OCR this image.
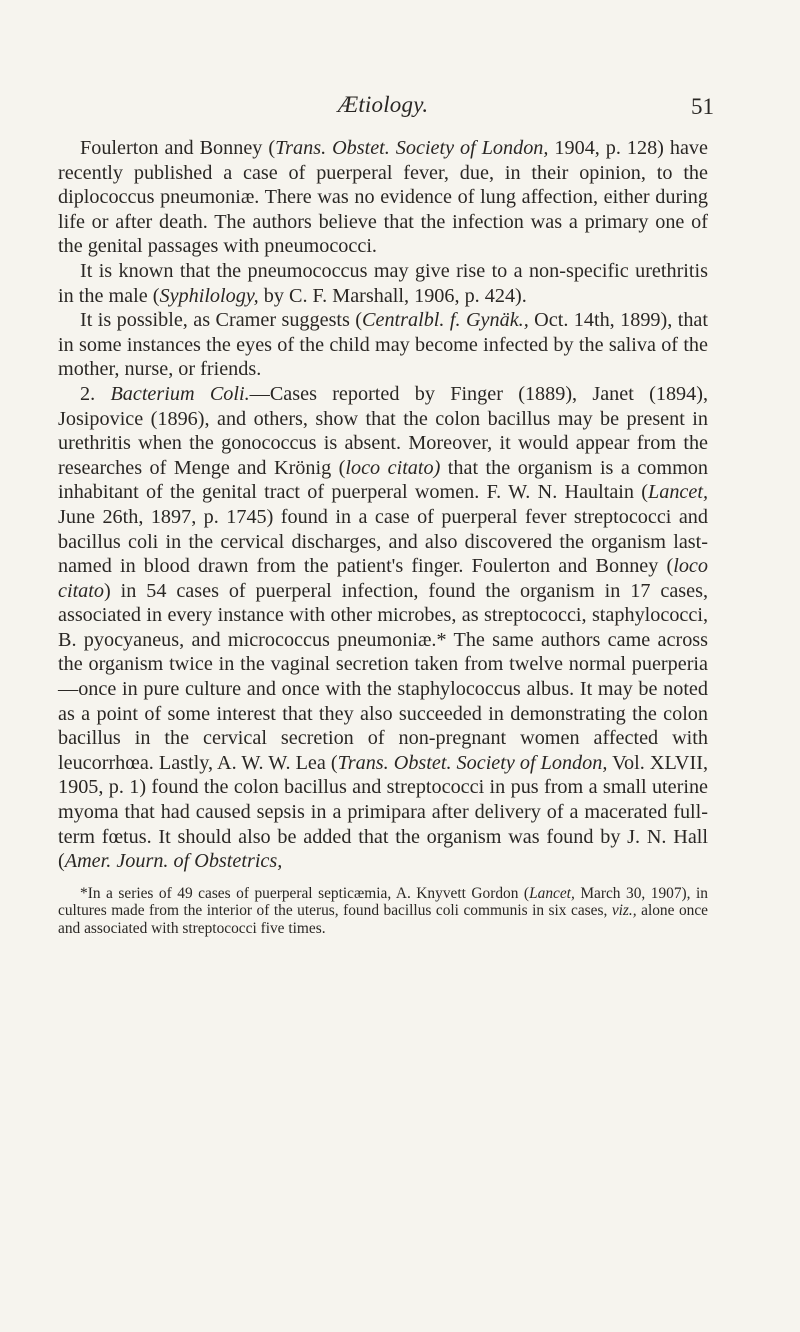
Ætiology.	51

Foulerton and Bonney (Trans. Obstet. Society of London, 1904, p. 128) have recently published a case of puerperal fever, due, in their opinion, to the diplococcus pneumoniæ. There was no evidence of lung affection, either during life or after death. The authors believe that the infection was a primary one of the genital passages with pneumococci.

It is known that the pneumococcus may give rise to a non-specific urethritis in the male (Syphilology, by C. F. Marshall, 1906, p. 424).

It is possible, as Cramer suggests (Centralbl. f. Gynäk., Oct. 14th, 1899), that in some instances the eyes of the child may become infected by the saliva of the mother, nurse, or friends.

2. Bacterium Coli.—Cases reported by Finger (1889), Janet (1894), Josipovice (1896), and others, show that the colon bacillus may be present in urethritis when the gonococcus is absent. Moreover, it would appear from the researches of Menge and Krönig (loco citato) that the organism is a common inhabitant of the genital tract of puerperal women. F. W. N. Haultain (Lancet, June 26th, 1897, p. 1745) found in a case of puerperal fever streptococci and bacillus coli in the cervical discharges, and also discovered the organism last-named in blood drawn from the patient's finger. Foulerton and Bonney (loco citato) in 54 cases of puerperal infection, found the organism in 17 cases, associated in every instance with other microbes, as streptococci, staphylococci, B. pyocyaneus, and micrococcus pneumoniæ.* The same authors came across the organism twice in the vaginal secretion taken from twelve normal puerperia—once in pure culture and once with the staphylococcus albus. It may be noted as a point of some interest that they also succeeded in demonstrating the colon bacillus in the cervical secretion of non-pregnant women affected with leucorrhœa. Lastly, A. W. W. Lea (Trans. Obstet. Society of London, Vol. XLVII, 1905, p. 1) found the colon bacillus and streptococci in pus from a small uterine myoma that had caused sepsis in a primipara after delivery of a macerated full-term fœtus. It should also be added that the organism was found by J. N. Hall (Amer. Journ. of Obstetrics,

*In a series of 49 cases of puerperal septicæmia, A. Knyvett Gordon (Lancet, March 30, 1907), in cultures made from the interior of the uterus, found bacillus coli communis in six cases, viz., alone once and associated with streptococci five times.
